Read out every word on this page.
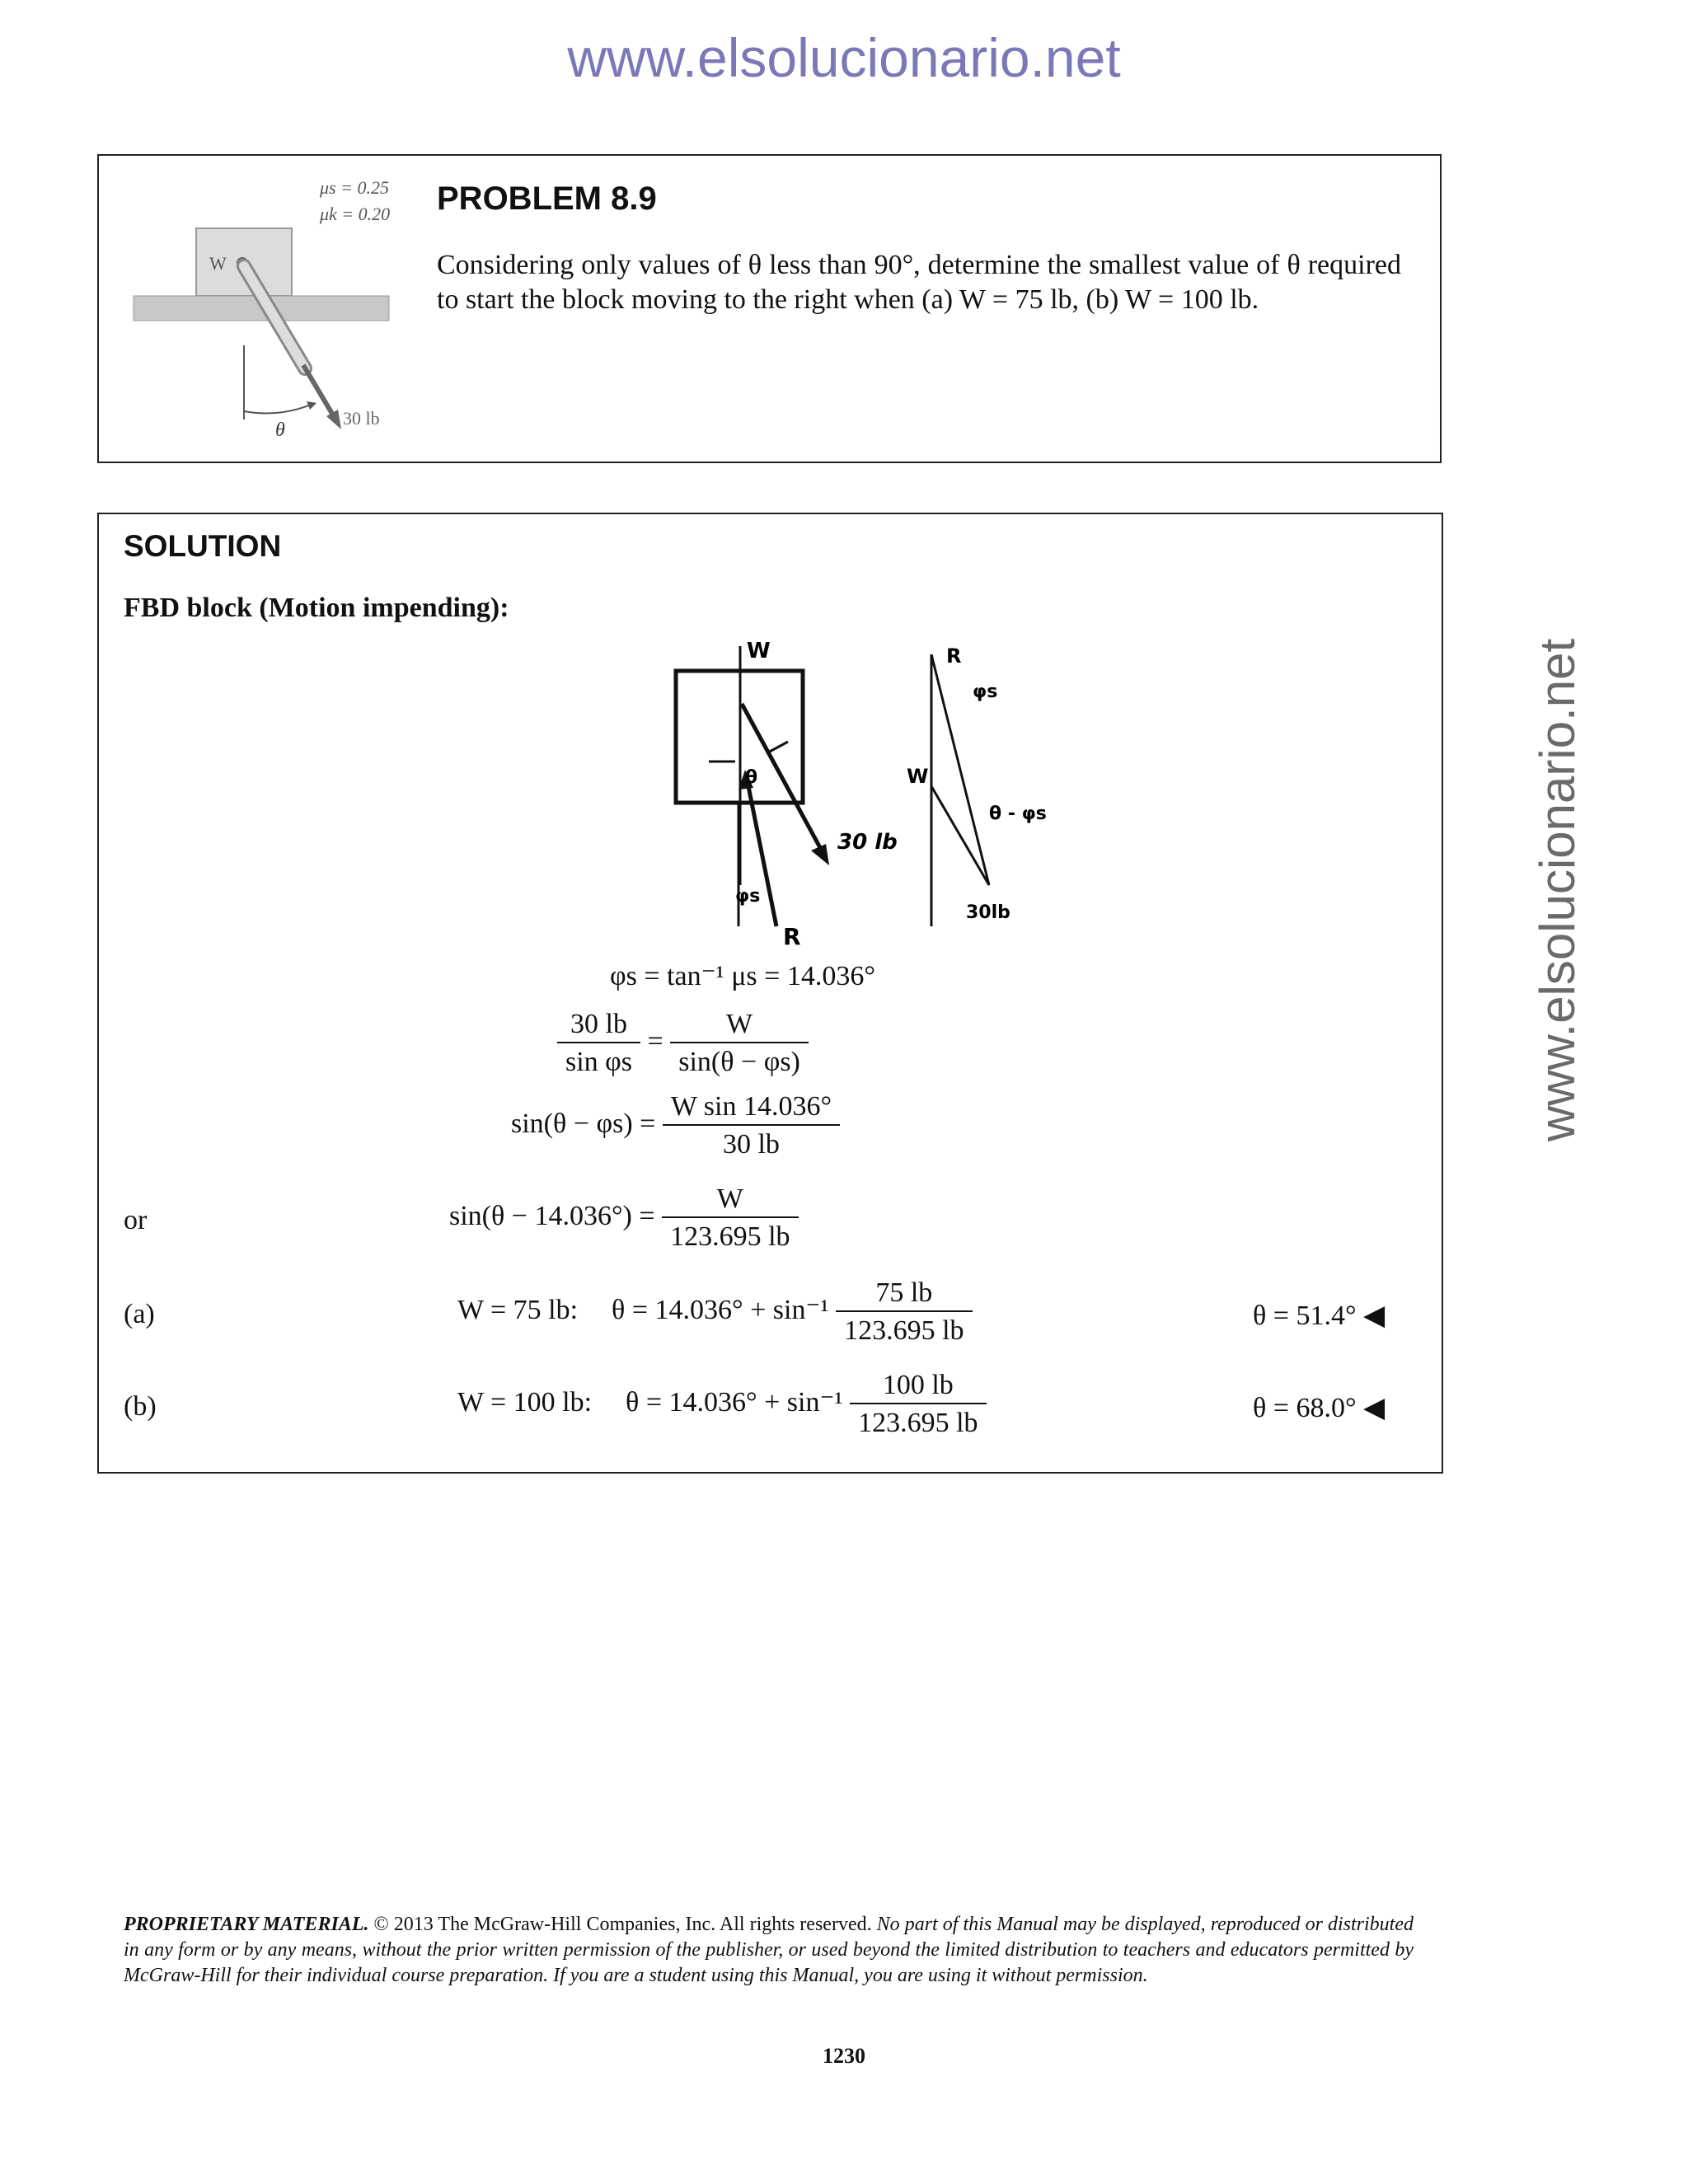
www.elsolucionario.net
www.elsolucionario.net
μs = 0.25
μk = 0.20
W
30 lb
θ
PROBLEM 8.9
Considering only values of θ less than 90°, determine the smallest value of θ required to start the block moving to the right when (a) W = 75 lb, (b) W = 100 lb.
SOLUTION
FBD block (Motion impending):
W
30 lb
R
θ
φs
R
φs
W
θ - φs
30lb
φs = tan⁻¹ μs = 14.036°
$\frac{30 lb}{\text{sin φs}} = \frac{W}{\sin(\theta - \varphi s)}$
$\sin(\theta - \varphi s) = \frac{\text{W sin 14.036°}}{30 lb}$
or	$\sin(\theta - 14.036^\circ) = \frac{W}{123.695 lb}$
(a)	W = 75 lb: $\theta = 14.036^\circ + \sin^{-1} \frac{75 lb}{123.695 lb}$	θ = 51.4° ◀
(b)	W = 100 lb: $\theta = 14.036^\circ + \sin^{-1} \frac{100 lb}{123.695 lb}$	θ = 68.0° ◀
PROPRIETARY MATERIAL. © 2013 The McGraw-Hill Companies, Inc. All rights reserved. No part of this Manual may be displayed, reproduced or distributed in any form or by any means, without the prior written permission of the publisher, or used beyond the limited distribution to teachers and educators permitted by McGraw-Hill for their individual course preparation. If you are a student using this Manual, you are using it without permission.
1230
